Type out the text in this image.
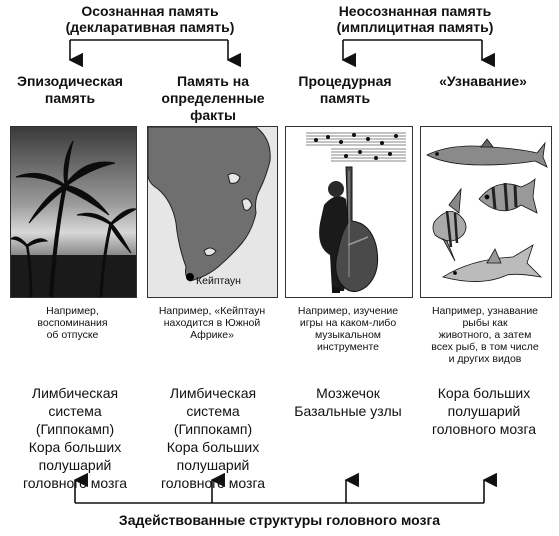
Осознанная память
(декларативная память)
Неосознанная память
(имплицитная память)
Эпизодическая
память
Память на
определенные
факты
Процедурная
память
«Узнавание»
Кейптаун
Например,
воспоминания
об отпуске
Например, «Кейптаун
находится в Южной
Африке»
Например, изучение
игры на каком-либо
музыкальном
инструменте
Например, узнавание
рыбы как
животного, а затем
всех рыб, в том числе
и других видов
Лимбическая
система
(Гиппокамп)
Кора больших
полушарий
головного мозга
Лимбическая
система
(Гиппокамп)
Кора больших
полушарий
головного мозга
Мозжечок
Базальные узлы
Кора больших
полушарий
головного мозга
Задействованные структуры головного мозга
